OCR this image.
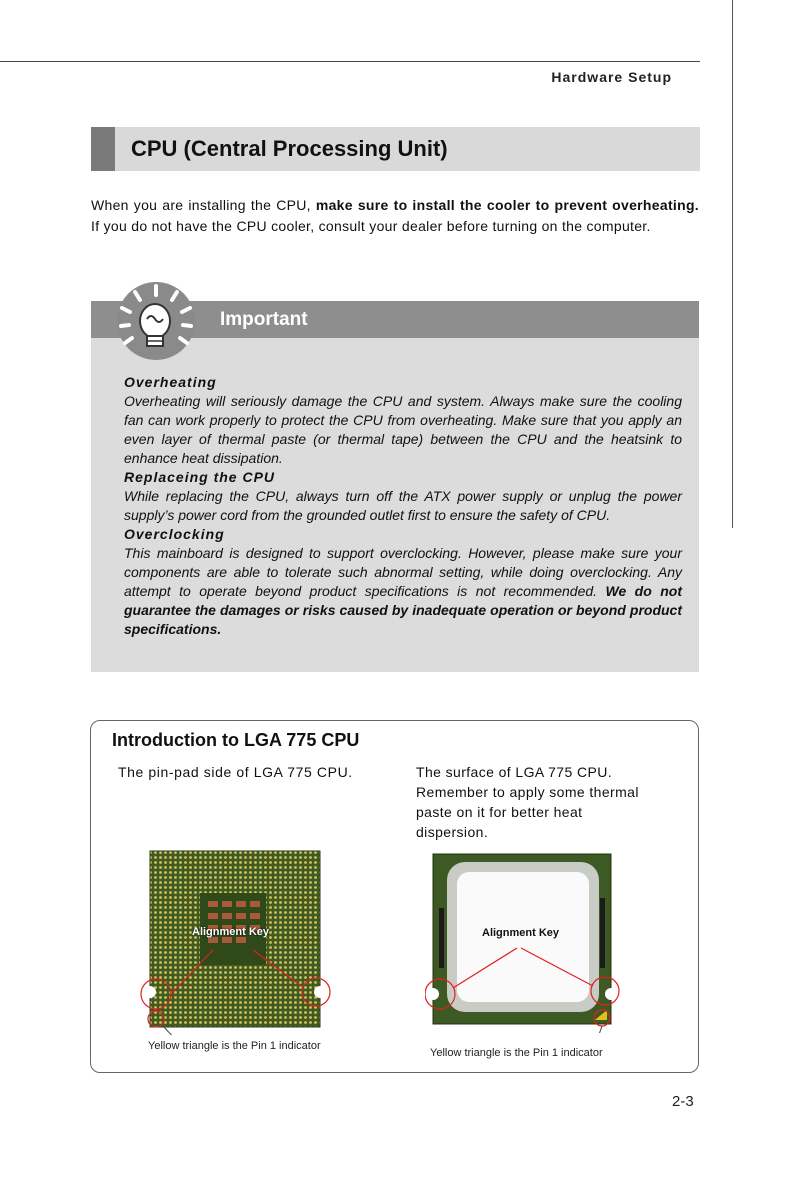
Hardware Setup
CPU (Central Processing Unit)
When you are installing the CPU, make sure to install the cooler to prevent overheating. If you do not have the CPU cooler, consult your dealer before turning on the computer.
Important

Overheating

Overheating will seriously damage the CPU and system. Always make sure the cooling fan can work properly to protect the CPU from overheating. Make sure that you apply an even layer of thermal paste (or thermal tape) between the CPU and the heatsink to enhance heat dissipation.

Replaceing the CPU

While replacing the CPU, always turn off the ATX power supply or unplug the power supply’s power cord from the grounded outlet first to ensure the safety of CPU.

Overclocking

This mainboard is designed to support overclocking. However, please make sure your components are able to tolerate such abnormal setting, while doing overclocking. Any attempt to operate beyond product specifications is not recommended. We do not guarantee the damages or risks caused by inadequate operation or beyond product specifications.

Introduction to LGA 775 CPU
The pin-pad side of LGA 775 CPU.	The surface of LGA 775 CPU. Remember to apply some thermal paste on it for better heat dispersion.
Alignment Key	Alignment Key
Yellow triangle is the Pin 1 indicator
Yellow triangle is the Pin 1 indicator
2-3
